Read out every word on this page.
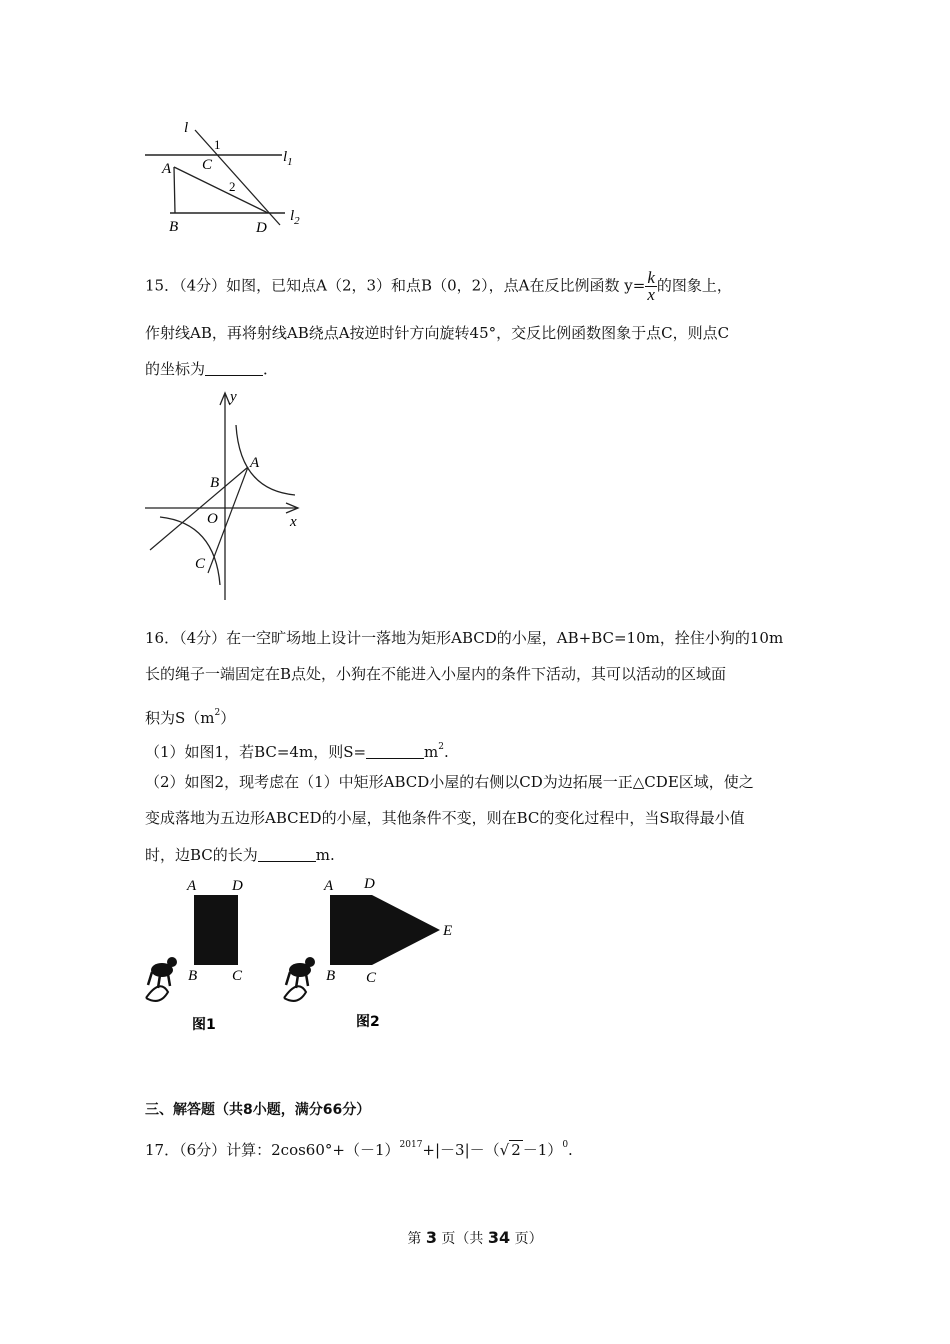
l
1
C	$l_1$
A
2
B	D
$l_2$
15．（4分）如图，已知点A（2，3）和点B（0，2），点A在反比例函数 $y= \frac{k}{x}$ 的图象上，
作射线AB，再将射线AB绕点A按逆时针方向旋转45°，交反比例函数图象于点C，则点C
的坐标为	．
y
A
B
O	x
C
16．（4分）在一空旷场地上设计一落地为矩形ABCD的小屋，AB+BC=10m，拴住小狗的10m
长的绳子一端固定在B点处，小狗在不能进入小屋内的条件下活动，其可以活动的区域面
积为$S(m^2)$
（1）如图1，若BC=4m，则S=	$m^2$.
（2）如图2，现考虑在（1）中矩形ABCD小屋的右侧以CD为边拓展一正△CDE区域，使之
变成落地为五边形ABCED的小屋，其他条件不变，则在BC的变化过程中，当S取得最小值
时，边BC的长为	m.
A D
B C
图1
A D
E
B C
图2
三、解答题（共8小题，满分66分）
17．（6分）计算：$2\cos 60^\circ+(-1)^{2017}+|-3|-(√$ 2 －1）$^0$.
第 3 页（共 34 页）
